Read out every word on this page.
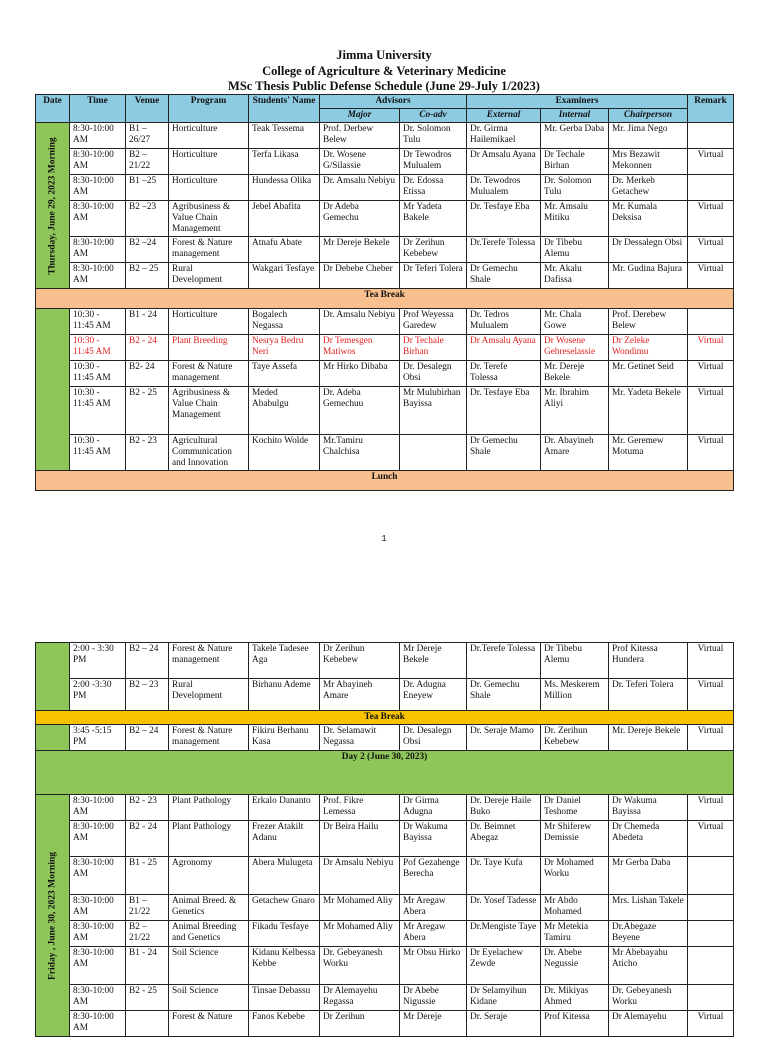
Jimma University
College of Agriculture & Veterinary Medicine
MSc Thesis Public Defense Schedule (June 29-July 1/2023)
Date	Time	Venue	Program	Students' Name	Advisors		Examiners			Remark
					Major	Co-adv	External	Internal	Chairperson	

Thursday, June 29, 2023 Morning	8:30-10:00 AM	B1 – 26/27	Horticulture	Teak Tessema	Prof. Derbew Belew	Dr. Solomon Tulu	Dr. Girma Hailemikael	Mr. Gerba Daba	Mr. Jima Nego	
	8:30-10:00 AM	B2 – 21/22	Horticulture	Terfa Likasa	Dr. Wosene G/Silassie	Dr Tewodros Mulualem	Dr Amsalu Ayana	Dr Techale Birhan	Mrs Bezawit Mekonnen	Virtual
	8:30-10:00 AM	B1 –25	Horticulture	Hundessa Olika	Dr. Amsalu Nebiyu	Dr. Edossa Etissa	Dr. Tewodros Mulualem	Dr. Solomon Tulu	Dr. Merkeb Getachew	
	8:30-10:00 AM	B2 –23	Agribusiness & Value Chain Management	Jebel Abafita	Dr Adeba Gemechu	Mr Yadeta Bakele	Dr. Tesfaye Eba	Mr. Amsalu Mitiku	Mr. Kumala Deksisa	Virtual
	8:30-10:00 AM	B2 –24	Forest & Nature management	Atnafu Abate	Mr Dereje Bekele	Dr Zerihun Kebebew	Dr.Terefe Tolessa	Dr Tibebu Alemu	Dr Dessalegn Obsi	Virtual
	8:30-10:00 AM	B2 – 25	Rural Development	Wakgari Tesfaye	Dr Debebe Cheber	Dr Teferi Tolera	Dr Gemechu Shale	Mr. Akalu Dafissa	Mr. Gudina Bajura	Virtual
Tea Break										
	10:30 - 11:45 AM	B1 - 24	Horticulture	Bogalech Negassa	Dr. Amsalu Nebiyu	Prof Weyessa Garedew	Dr. Tedros Mulualem	Mr. Chala Gowe	Prof. Derebew Belew	
	10:30 - 11:45 AM	B2 - 24	Plant Breeding	Nesrya Bedru Neri	Dr Temesgen Matiwos	Dr Techale Birhan	Dr Amsalu Ayana	Dr Wosene Gebreselassie	Dr Zeleke Wondimu	Virtual
	10:30 - 11:45 AM	B2- 24	Forest & Nature management	Taye Assefa	Mr Hirko Dibaba	Dr. Desalegn Obsi	Dr. Terefe Tolessa	Mr. Dereje Bekele	Mr. Getinet Seid	Virtual
	10:30 - 11:45 AM	B2 - 25	Agribusiness & Value Chain Management	Meded Ababulgu	Dr. Adeba Gemechuu	Mr Mulubirhan Bayissa	Dr. Tesfaye Eba	Mr. Ibrahim Aliyi	Mr. Yadeta Bekele	Virtual
	10:30 - 11:45 AM	B2 - 23	Agricultural Communication and Innovation	Kochito Wolde	Mr.Tamiru Chalchisa		Dr Gemechu Shale	Dr. Abayineh Amare	Mr. Geremew Motuma	Virtual
Lunch										
1
	2:00 - 3:30 PM	B2 – 24	Forest & Nature management	Takele Tadesee Aga	Dr Zerihun Kebebew	Mr Dereje Bekele	Dr.Terefe Tolessa	Dr Tibebu Alemu	Prof Kitessa Hundera	Virtual
	2:00 -3:30 PM	B2 – 23	Rural Development	Birhanu Ademe	Mr Abayineh Amare	Dr. Adugna Eneyew	Dr. Gemechu Shale	Ms. Meskerem Million	Dr. Teferi Tolera	Virtual
Tea Break										
	3:45 -5:15 PM	B2 – 24	Forest & Nature management	Fikiru Berhanu Kasa	Dr. Selamawit Negassa	Dr. Desalegn Obsi	Dr. Seraje Mamo	Dr. Zerihun Kebebew	Mr. Dereje Bekele	Virtual
Day 2 (June 30, 2023)										

Friday , June 30, 2023 Morning	8:30-10:00 AM	B2 - 23	Plant Pathology	Erkalo Dananto	Prof. Fikre Lemessa	Dr Girma Adugna	Dr. Dereje Haile Buko	Dr Daniel Teshome	Dr Wakuma Bayissa	Virtual
	8:30-10:00 AM	B2 - 24	Plant Pathology	Frezer Atakilt Adanu	Dr Beira Hailu	Dr Wakuma Bayissa	Dr. Beimnet Abegaz	Mr Shiferew Demissie	Dr Chemeda Abedeta	Virtual
	8:30-10:00 AM	B1 - 25	Agronomy	Abera Mulugeta	Dr Amsalu Nebiyu	Pof Gezahenge Berecha	Dr. Taye Kufa	Dr Mohamed Worku	Mr Gerba Daba	
	8:30-10:00 AM	B1 – 21/22	Animal Breed. & Genetics	Getachew Gnaro	Mr Mohamed Aliy	Mr Aregaw Abera	Dr. Yosef Tadesse	Mr Abdo Mohamed	Mrs. Lishan Takele	
	8:30-10:00 AM	B2 – 21/22	Animal Breeding and Genetics	Fikadu Tesfaye	Mr Mohamed Aliy	Mr Aregaw Abera	Dr.Mengiste Taye	Mr Metekia Tamiru	Dr.Abegaze Beyene	
	8:30-10:00 AM	B1 - 24	Soil Science	Kidanu Kelbessa Kebbe	Dr. Gebeyanesh Worku	Mr Obsu Hirko	Dr Eyelachew Zewde	Dr. Abebe Negussie	Mr Abebayahu Aticho	
	8:30-10:00 AM	B2 - 25	Soil Science	Tinsae Debassu	Dr Alemayehu Regassa	Dr Abebe Nigussie	Dr Selamyihun Kidane	Dr. Mikiyas Ahmed	Dr. Gebeyanesh Worku	
	8:30-10:00 AM		Forest & Nature	Fanos Kebebe	Dr Zerihun	Mr Dereje	Dr. Seraje	Prof Kitessa	Dr Alemayehu	Virtual
